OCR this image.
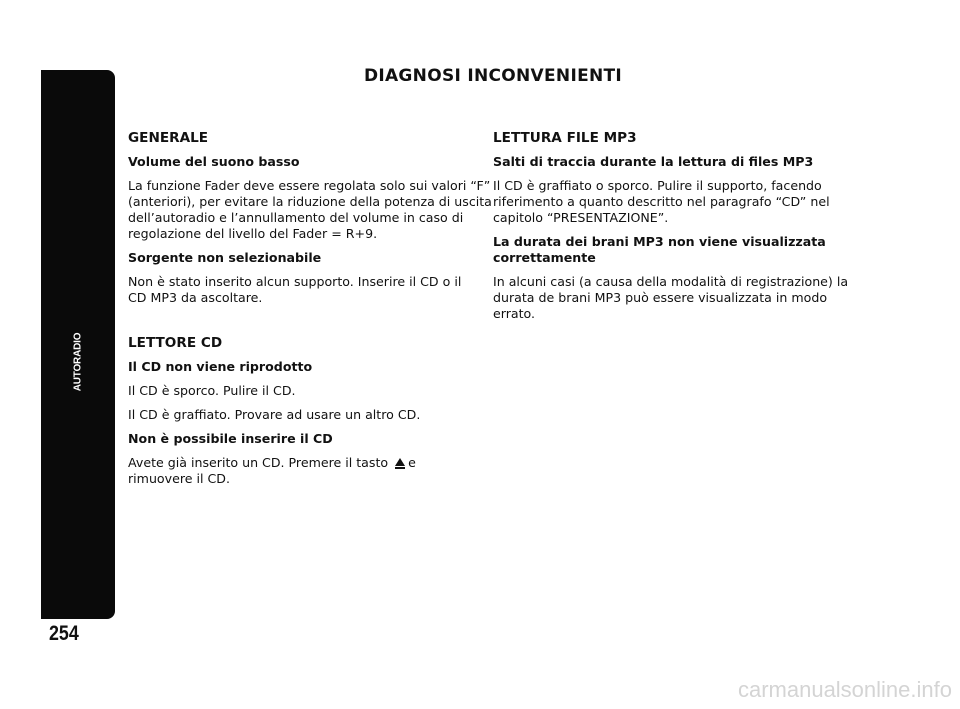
AUTORADIO
254
DIAGNOSI INCONVENIENTI
GENERALE
Volume del suono basso
La funzione Fader deve essere regolata solo sui valori “F”
(anteriori), per evitare la riduzione della potenza di uscita
dell’autoradio e l’annullamento del volume in caso di
regolazione del livello del Fader = R+9.
Sorgente non selezionabile
Non è stato inserito alcun supporto. Inserire il CD o il
CD MP3 da ascoltare.
LETTORE CD
Il CD non viene riprodotto
Il CD è sporco. Pulire il CD.
Il CD è graffiato. Provare ad usare un altro CD.
Non è possibile inserire il CD
Avete già inserito un CD. Premere il tasto e
rimuovere il CD.
LETTURA FILE MP3
Salti di traccia durante la lettura di files MP3
Il CD è graffiato o sporco. Pulire il supporto, facendo
riferimento a quanto descritto nel paragrafo “CD” nel
capitolo “PRESENTAZIONE”.
La durata dei brani MP3 non viene visualizzata
correttamente
In alcuni casi (a causa della modalità di registrazione) la
durata de brani MP3 può essere visualizzata in modo
errato.
carmanualsonline.info
